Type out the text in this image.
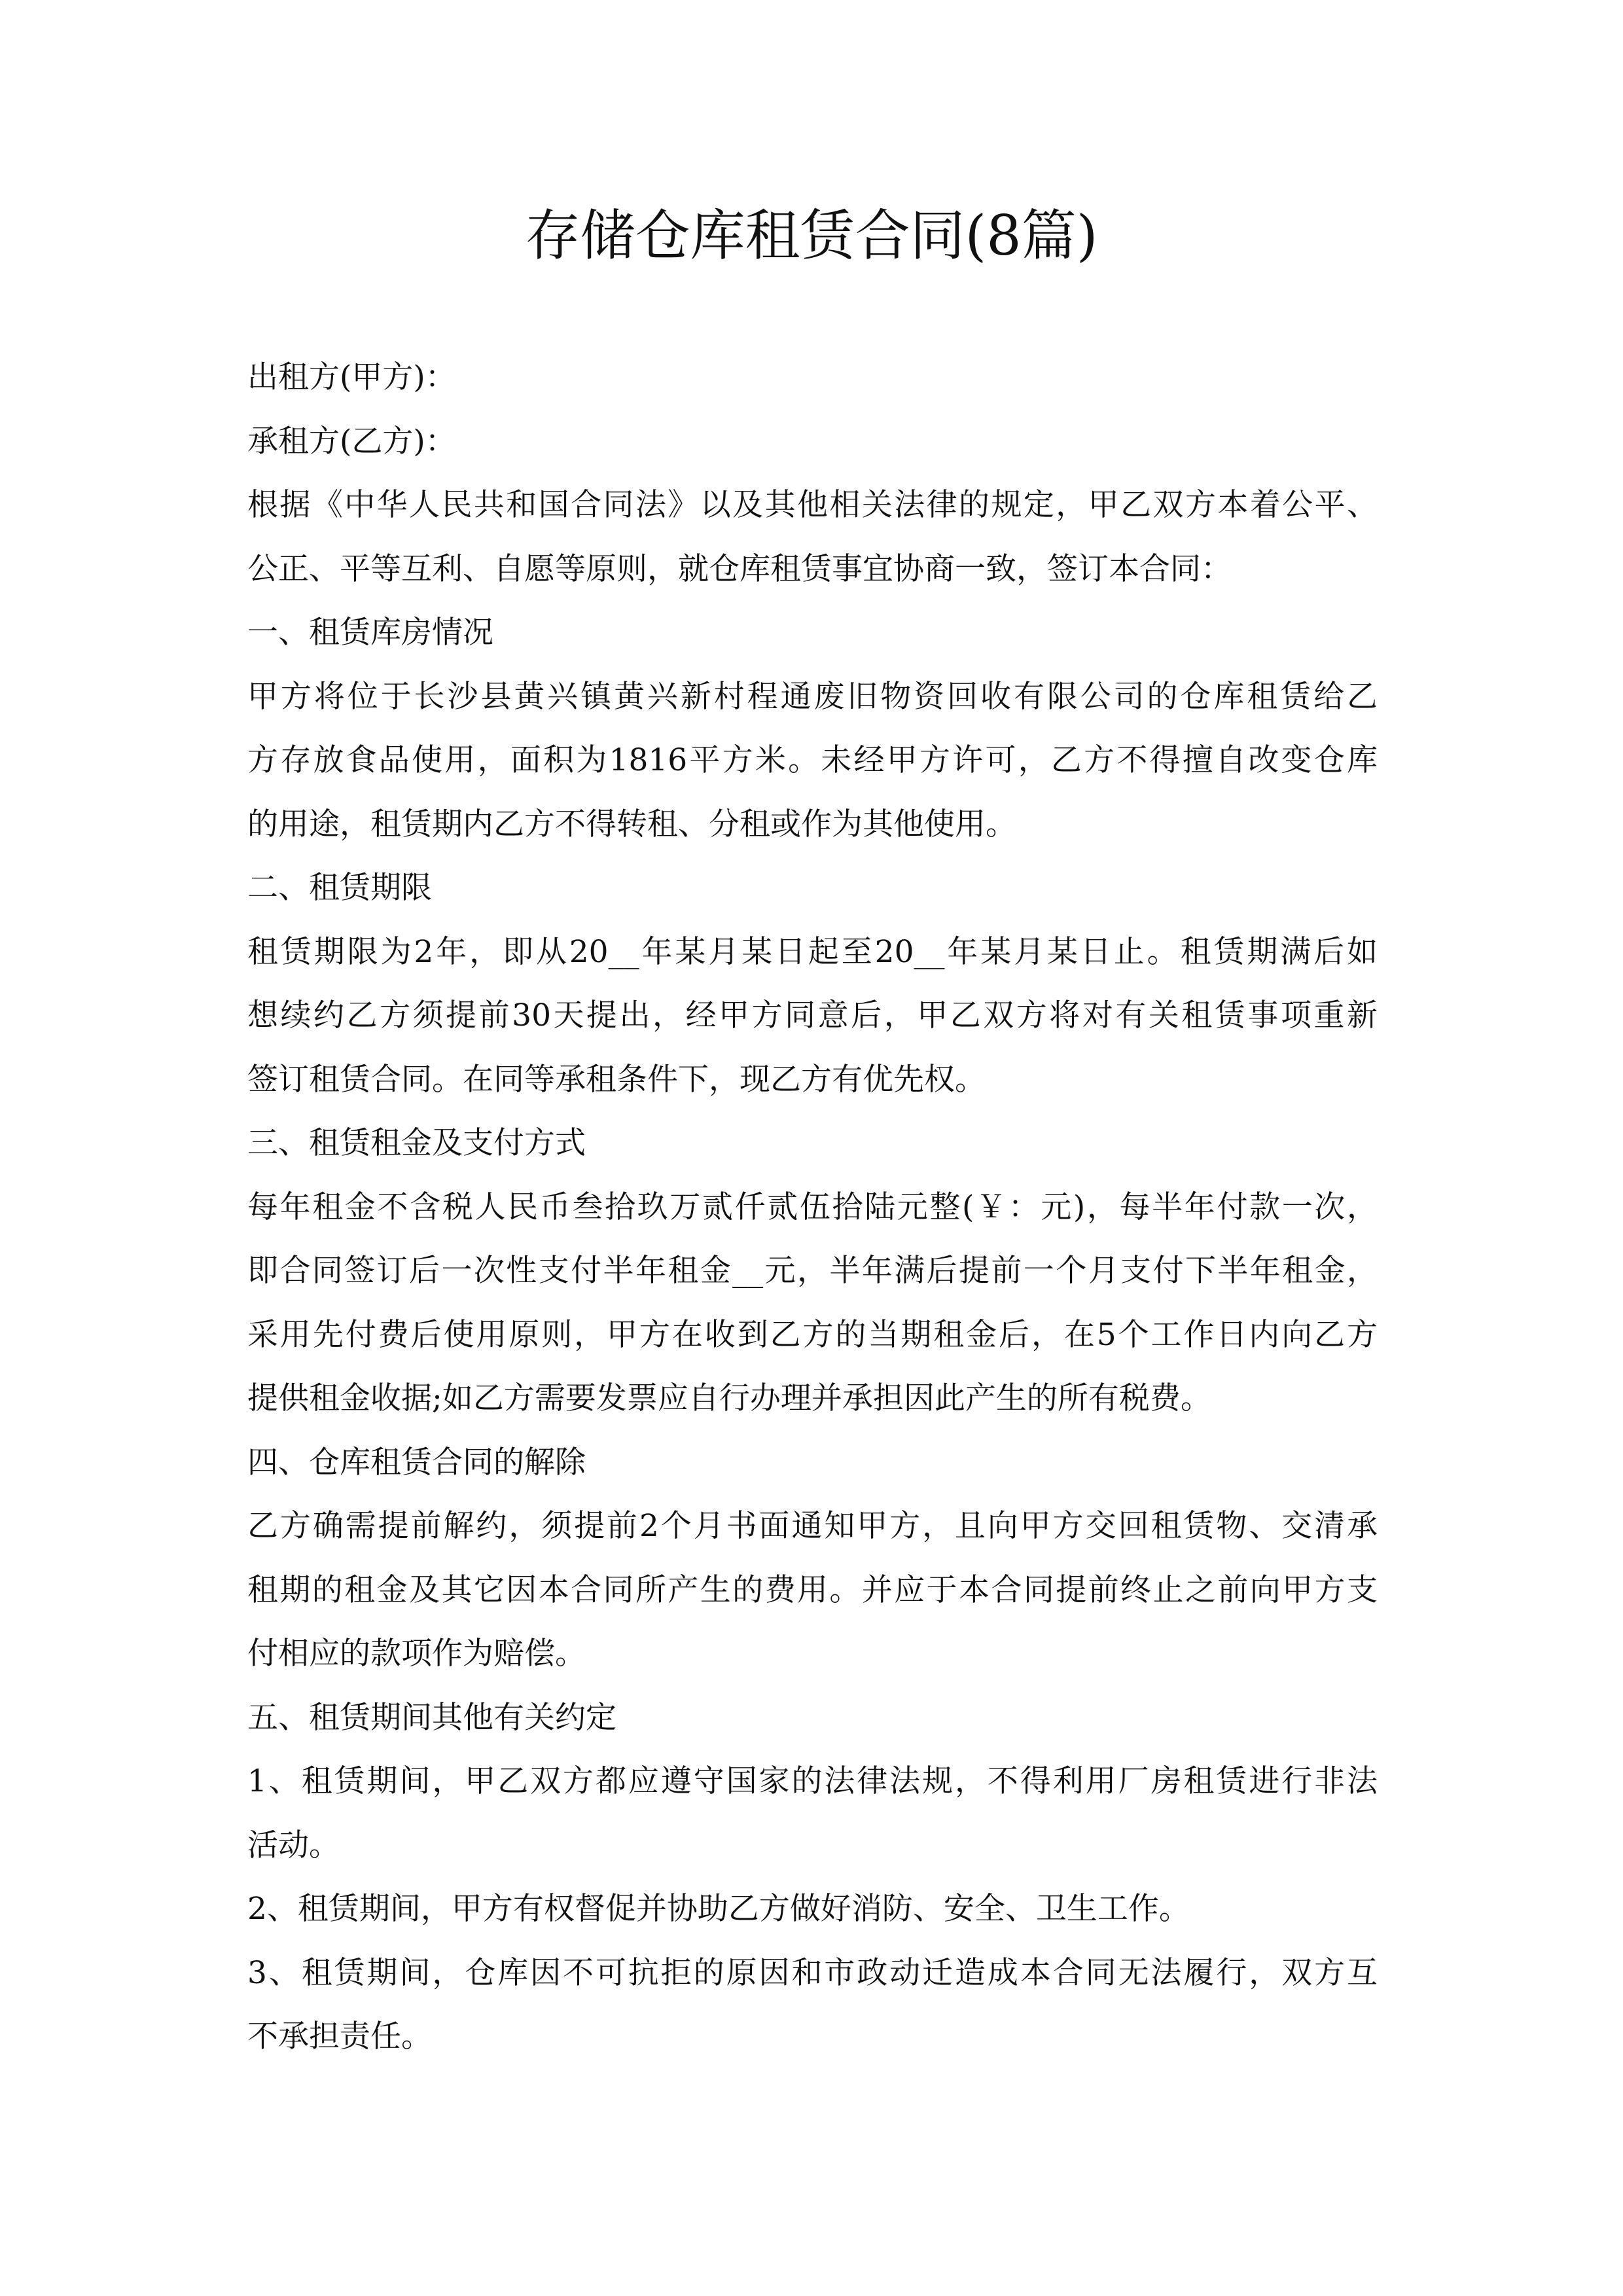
存储仓库租赁合同(8篇)
出租方(甲方)：
承租方(乙方)：
根据《中华人民共和国合同法》以及其他相关法律的规定，甲乙双方本着公平、
公正、平等互利、自愿等原则，就仓库租赁事宜协商一致，签订本合同：
一、租赁库房情况
甲方将位于长沙县黄兴镇黄兴新村程通废旧物资回收有限公司的仓库租赁给乙
方存放食品使用，面积为1816平方米。未经甲方许可，乙方不得擅自改变仓库
的用途，租赁期内乙方不得转租、分租或作为其他使用。
二、租赁期限
租赁期限为2年，即从20__年某月某日起至20__年某月某日止。租赁期满后如
想续约乙方须提前30天提出，经甲方同意后，甲乙双方将对有关租赁事项重新
签订租赁合同。在同等承租条件下，现乙方有优先权。
三、租赁租金及支付方式
每年租金不含税人民币叁拾玖万贰仟贰伍拾陆元整(￥：元)，每半年付款一次，
即合同签订后一次性支付半年租金__元，半年满后提前一个月支付下半年租金，
采用先付费后使用原则，甲方在收到乙方的当期租金后，在5个工作日内向乙方
提供租金收据;如乙方需要发票应自行办理并承担因此产生的所有税费。
四、仓库租赁合同的解除
乙方确需提前解约，须提前2个月书面通知甲方，且向甲方交回租赁物、交清承
租期的租金及其它因本合同所产生的费用。并应于本合同提前终止之前向甲方支
付相应的款项作为赔偿。
五、租赁期间其他有关约定
1、租赁期间，甲乙双方都应遵守国家的法律法规，不得利用厂房租赁进行非法
活动。
2、租赁期间，甲方有权督促并协助乙方做好消防、安全、卫生工作。
3、租赁期间，仓库因不可抗拒的原因和市政动迁造成本合同无法履行，双方互
不承担责任。
